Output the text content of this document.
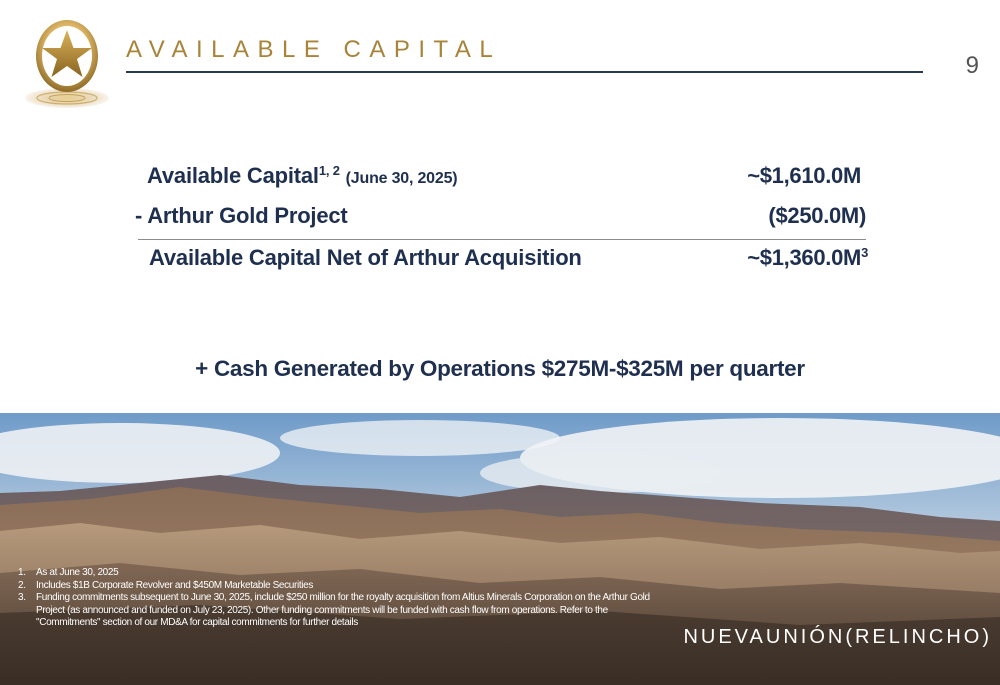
AVAILABLE CAPITAL
9
Available Capital$^{1, 2}$ (June 30, 2025)	~$1,610.0M
- Arthur Gold Project	($250.0M)
Available Capital Net of Arthur Acquisition	$\sim\$1,360.0M^3$
+ Cash Generated by Operations $275M-$325M per quarter
1. As at June 30, 2025
2. Includes $1B Corporate Revolver and $450M Marketable Securities
3. Funding commitments subsequent to June 30, 2025, include $250 million for the royalty acquisition from Altius Minerals Corporation on the Arthur Gold Project (as announced and funded on July 23, 2025). Other funding commitments will be funded with cash flow from operations. Refer to the "Commitments" section of our MD&A for capital commitments for further details
NUEVAUNIÓN(RELINCHO)
